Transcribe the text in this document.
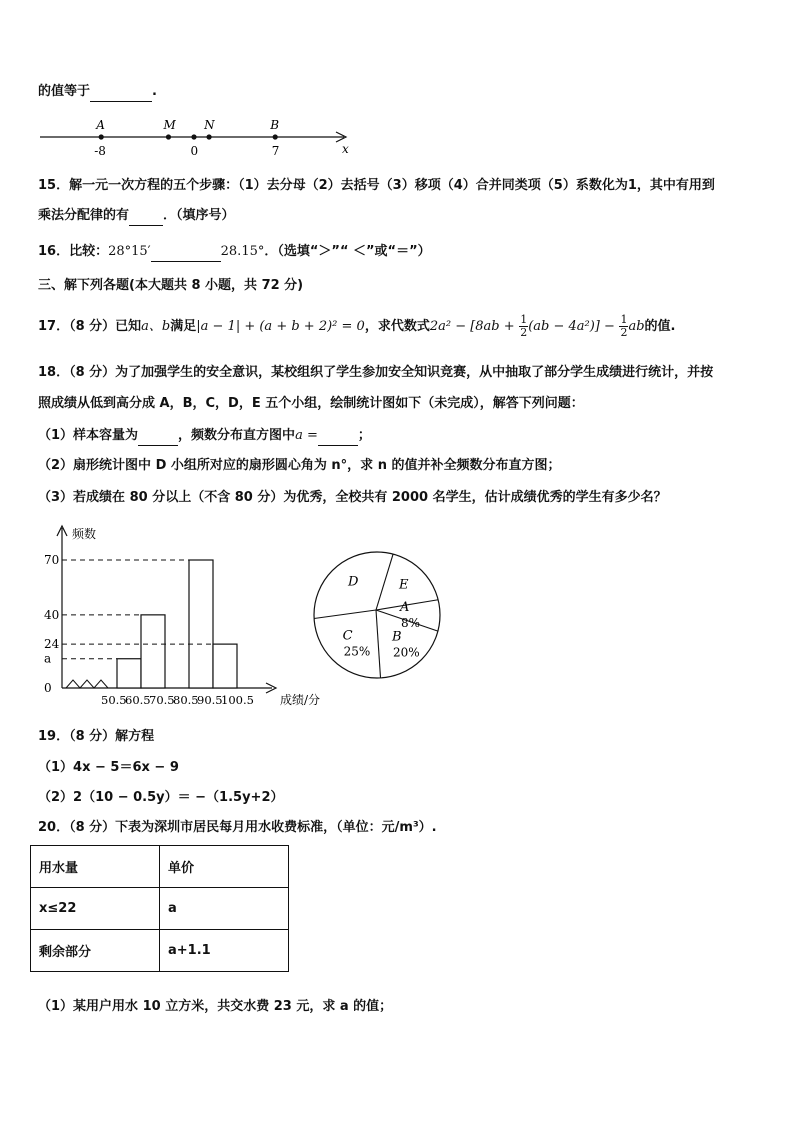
的值等于	.
A
-8
M
0
N	B
7	x
15．解一元一次方程的五个步骤：（1）去分母（2）去括号（3）移项（4）合并同类项（5）系数化为1，其中有用到
乘法分配律的有	．（填序号）
16．比较：28°15′	28.15°．（选填“＞”“ ＜”或“＝”）
三、解下列各题(本大题共 8 小题，共 72 分)
17．（8 分）已知a、b满足|a − 1| + (a + b + 2)² = 0，求代数式$2a^2 - [8ab + \frac{1}{2} (ab - 4a^2)] - \frac{1}{2}$ ab的值.
18．（8 分）为了加强学生的安全意识，某校组织了学生参加安全知识竞赛，从中抽取了部分学生成绩进行统计，并按
照成绩从低到高分成 A，B，C，D，E 五个小组，绘制统计图如下（未完成），解答下列问题：
（1）样本容量为	，频数分布直方图中a =	；
（2）扇形统计图中 D 小组所对应的扇形圆心角为 n°，求 n 的值并补全频数分布直方图；
（3）若成绩在 80 分以上（不含 80 分）为优秀，全校共有 2000 名学生，估计成绩优秀的学生有多少名？
频数
成绩/分
0
a
24
40
70
50.5
60.5
70.5
80.5
90.5
100.5
A
8%
B
20%
C
25%
D	E
19．（8 分）解方程
（1）4x − 5＝6x − 9
（2）2（10 − 0.5y）＝ −（1.5y+2）
20．（8 分）下表为深圳市居民每月用水收费标准，（单位：元/m³）.
用水量	单价
x≤22	a
剩余部分	a+1.1
（1）某用户用水 10 立方米，共交水费 23 元，求 a 的值；
